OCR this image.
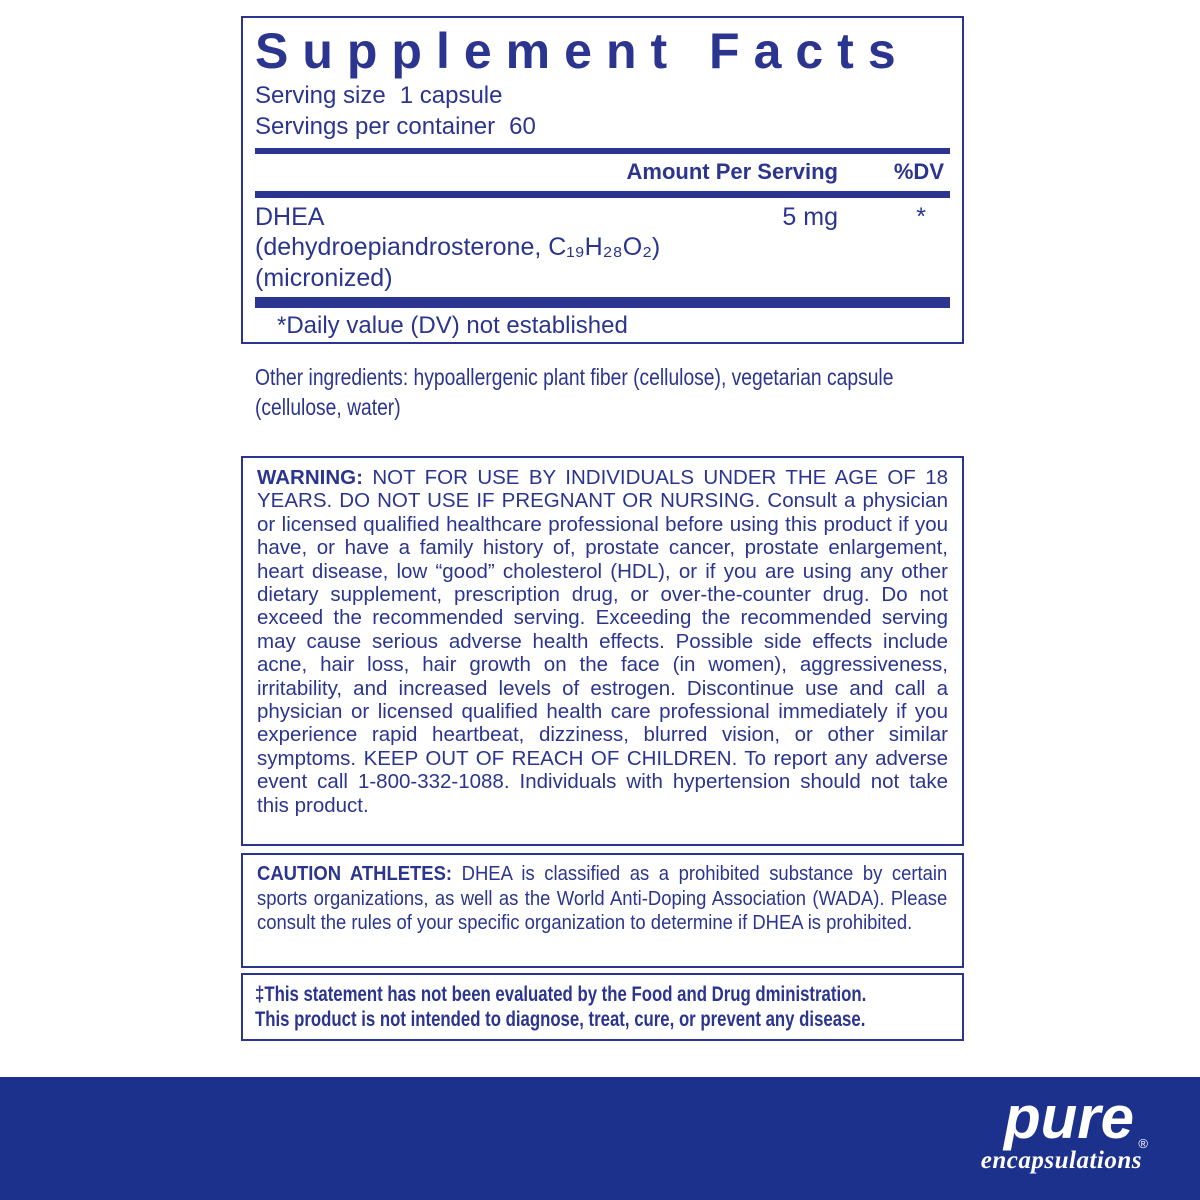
Supplement Facts
Serving size 1 capsule
Servings per container 60
Amount Per Serving	%DV
DHEA	5 mg	*
(dehydroepiandrosterone, C₁₉H₂₈O₂)
(micronized)
*Daily value (DV) not established

Other ingredients: hypoallergenic plant fiber (cellulose), vegetarian capsule (cellulose, water)

WARNING: NOT FOR USE BY INDIVIDUALS UNDER THE AGE OF 18 YEARS. DO NOT USE IF PREGNANT OR NURSING. Consult a physician or licensed qualified healthcare professional before using this product if you have, or have a family history of, prostate cancer, prostate enlargement, heart disease, low “good” cholesterol (HDL), or if you are using any other dietary supplement, prescription drug, or over-the-counter drug. Do not exceed the recommended serving. Exceeding the recommended serving may cause serious adverse health effects. Possible side effects include acne, hair loss, hair growth on the face (in women), aggressiveness, irritability, and increased levels of estrogen. Discontinue use and call a physician or licensed qualified health care professional immediately if you experience rapid heartbeat, dizziness, blurred vision, or other similar symptoms. KEEP OUT OF REACH OF CHILDREN. To report any adverse event call 1-800-332-1088. Individuals with hypertension should not take this product.

CAUTION ATHLETES: DHEA is classified as a prohibited substance by certain sports organizations, as well as the World Anti-Doping Association (WADA). Please consult the rules of your specific organization to determine if DHEA is prohibited.

‡This statement has not been evaluated by the Food and Drug dministration.
This product is not intended to diagnose, treat, cure, or prevent any disease.
pure ®
encapsulations
